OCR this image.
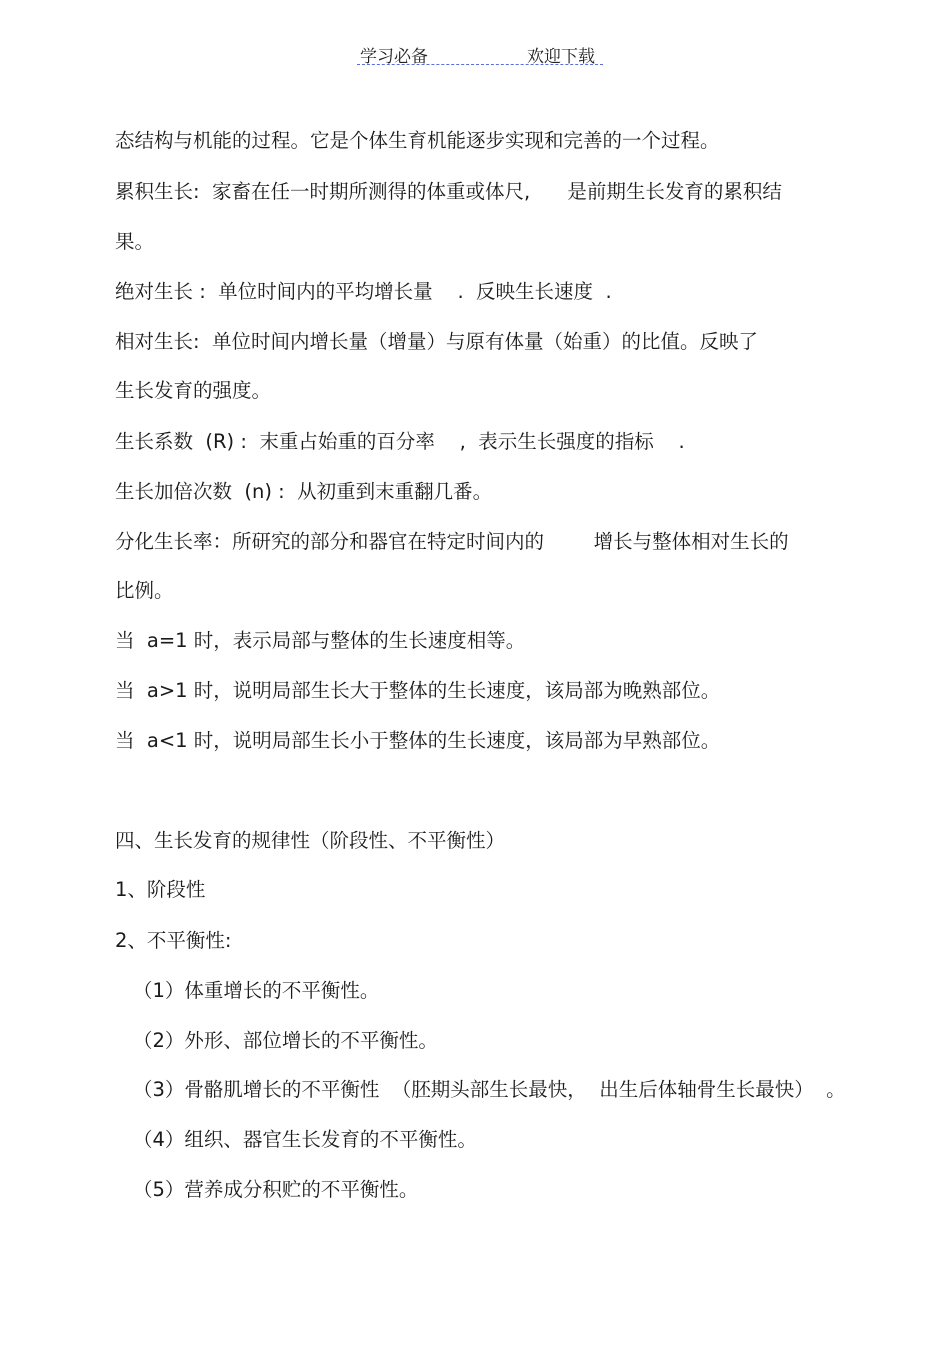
学习必备	欢迎下载
态结构与机能的过程。它是个体生育机能逐步实现和完善的一个过程。
累积生长:  家畜在任一时期所测得的体重或体尺,      是前期生长发育的累积结
果。
绝对生长 :  单位时间内的平均增长量    .  反映生长速度  .
相对生长:  单位时间内增长量（增量）与原有体量（始重）的比值。反映了
生长发育的强度。
生长系数  (R) :  末重占始重的百分率    ,  表示生长强度的指标    .
生长加倍次数  (n) :  从初重到末重翻几番。
分化生长率：所研究的部分和器官在特定时间内的        增长与整体相对生长的
比例。
当  a=1 时，表示局部与整体的生长速度相等。
当  a>1 时，说明局部生长大于整体的生长速度，该局部为晚熟部位。
当  a<1 时，说明局部生长小于整体的生长速度，该局部为早熟部位。
四、生长发育的规律性（阶段性、不平衡性）
1、阶段性
2、不平衡性:
（1）体重增长的不平衡性。
（2）外形、部位增长的不平衡性。
（3）骨骼肌增长的不平衡性  （胚期头部生长最快，  出生后体轴骨生长最快）  。
（4）组织、器官生长发育的不平衡性。
（5）营养成分积贮的不平衡性。
